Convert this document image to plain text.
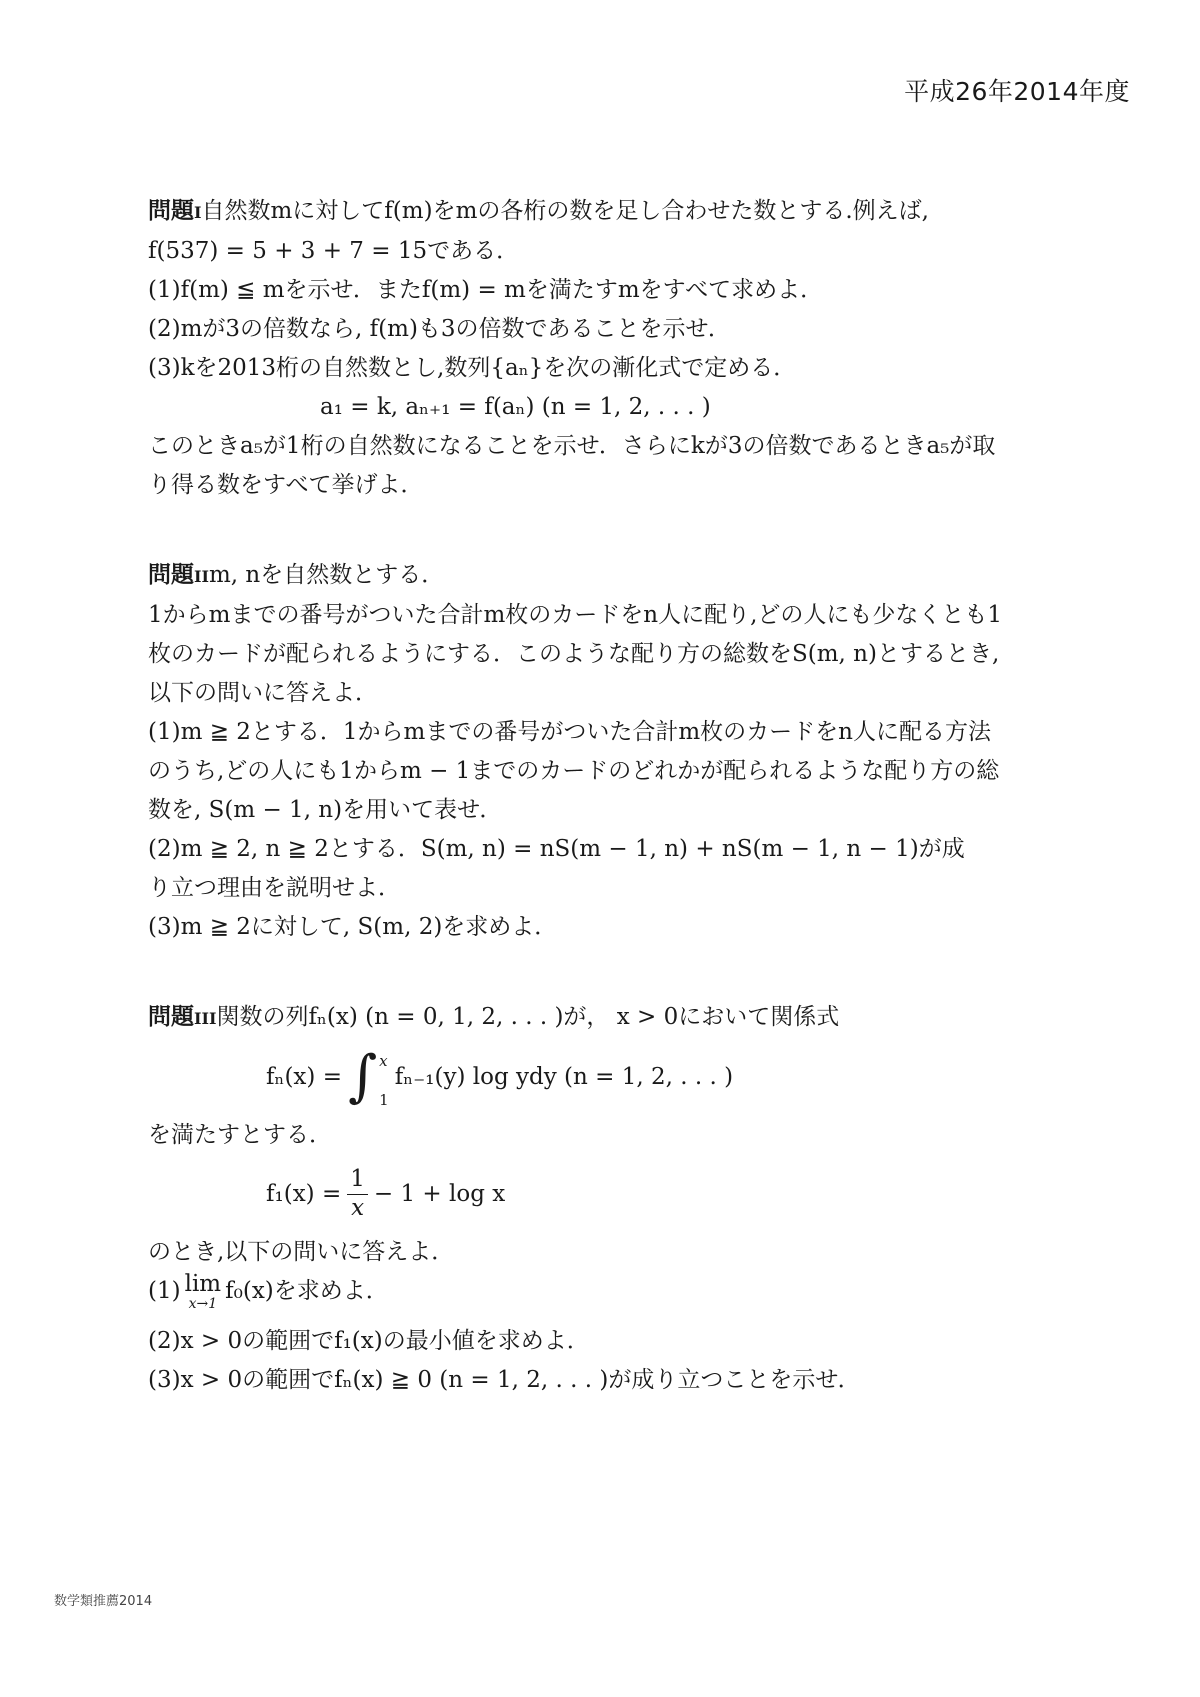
平成26年2014年度
問題I自然数mに対してf(m)をmの各桁の数を足し合わせた数とする.例えば,
f(537) = 5 + 3 + 7 = 15である．
(1)f(m) ≦ mを示せ．またf(m) = mを満たすmをすべて求めよ．
(2)mが3の倍数なら, f(m)も3の倍数であることを示せ．
(3)kを2013桁の自然数とし,数列{aₙ}を次の漸化式で定める．
a₁ = k, aₙ₊₁ = f(aₙ) (n = 1, 2, . . . )
このときa₅が1桁の自然数になることを示せ．さらにkが3の倍数であるときa₅が取
り得る数をすべて挙げよ．
問題IIm, nを自然数とする．
1からmまでの番号がついた合計m枚のカードをn人に配り,どの人にも少なくとも1
枚のカードが配られるようにする．このような配り方の総数をS(m, n)とするとき,
以下の問いに答えよ．
(1)m ≧ 2とする．1からmまでの番号がついた合計m枚のカードをn人に配る方法
のうち,どの人にも1からm − 1までのカードのどれかが配られるような配り方の総
数を, S(m − 1, n)を用いて表せ．
(2)m ≧ 2, n ≧ 2とする．S(m, n) = nS(m − 1, n) + nS(m − 1, n − 1)が成
り立つ理由を説明せよ．
(3)m ≧ 2に対して, S(m, 2)を求めよ．
問題III関数の列fₙ(x) (n = 0, 1, 2, . . . )が， x > 0において関係式
fₙ(x) = ∫ x
1
fₙ₋₁(y) log ydy (n = 1, 2, . . . )
を満たすとする．
$f_1(x) = \frac{1}{x} - 1 + \log x$
のとき,以下の問いに答えよ．
(1) lim
x→1
f₀(x)を求めよ．
(2)x > 0の範囲でf₁(x)の最小値を求めよ．
(3)x > 0の範囲でfₙ(x) ≧ 0 (n = 1, 2, . . . )が成り立つことを示せ．
数学類推薦2014
